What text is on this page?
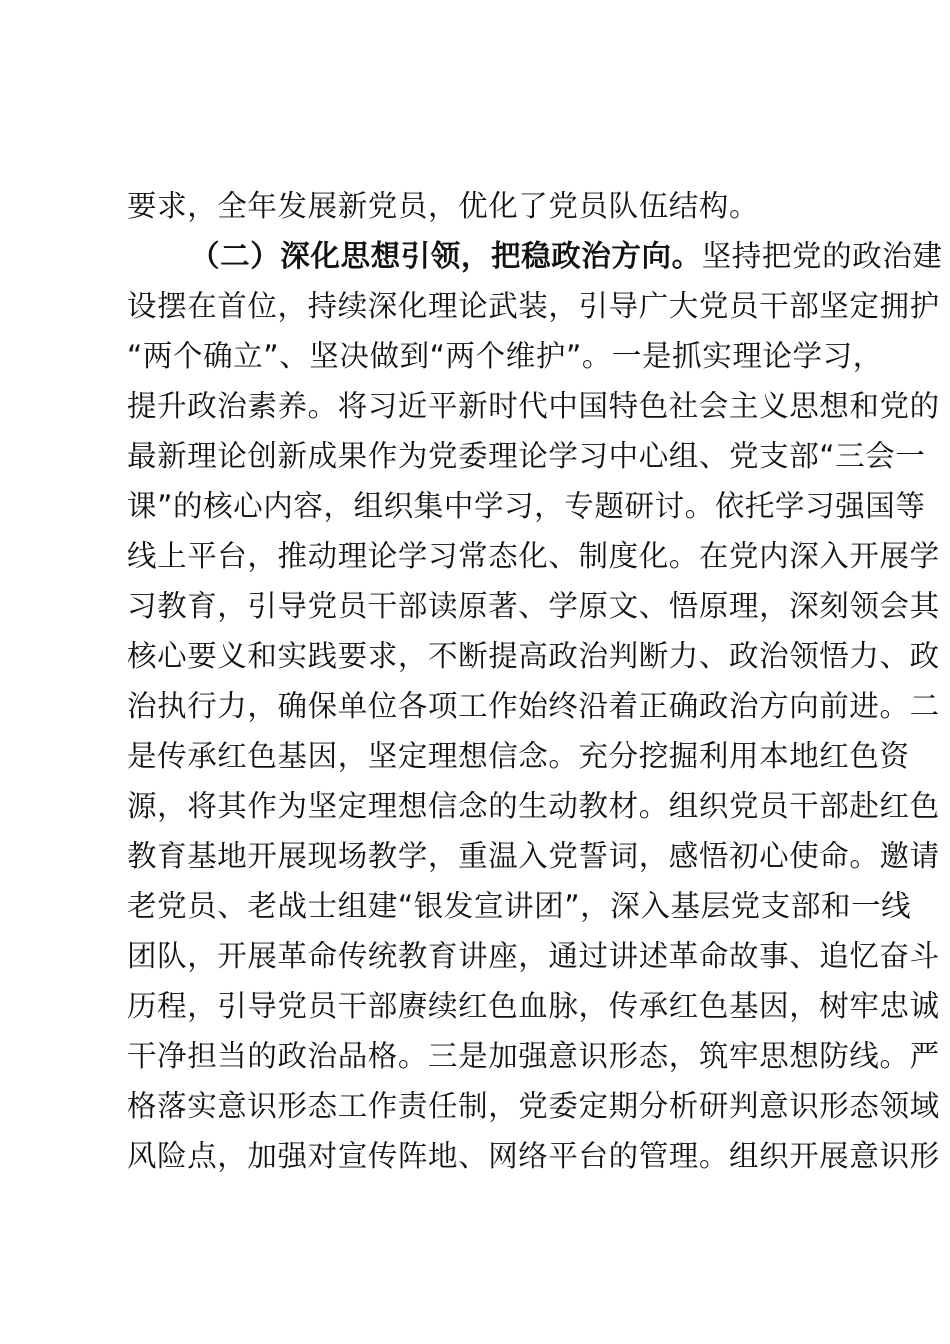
要求，全年发展新党员，优化了党员队伍结构。
（二）深化思想引领，把稳政治方向。坚持把党的政治建
设摆在首位，持续深化理论武装，引导广大党员干部坚定拥护
“两个确立”、坚决做到“两个维护”。一是抓实理论学习，
提升政治素养。将习近平新时代中国特色社会主义思想和党的
最新理论创新成果作为党委理论学习中心组、党支部“三会一
课”的核心内容，组织集中学习，专题研讨。依托学习强国等
线上平台，推动理论学习常态化、制度化。在党内深入开展学
习教育，引导党员干部读原著、学原文、悟原理，深刻领会其
核心要义和实践要求，不断提高政治判断力、政治领悟力、政
治执行力，确保单位各项工作始终沿着正确政治方向前进。二
是传承红色基因，坚定理想信念。充分挖掘利用本地红色资
源，将其作为坚定理想信念的生动教材。组织党员干部赴红色
教育基地开展现场教学，重温入党誓词，感悟初心使命。邀请
老党员、老战士组建“银发宣讲团”，深入基层党支部和一线
团队，开展革命传统教育讲座，通过讲述革命故事、追忆奋斗
历程，引导党员干部赓续红色血脉，传承红色基因，树牢忠诚
干净担当的政治品格。三是加强意识形态，筑牢思想防线。严
格落实意识形态工作责任制，党委定期分析研判意识形态领域
风险点，加强对宣传阵地、网络平台的管理。组织开展意识形
